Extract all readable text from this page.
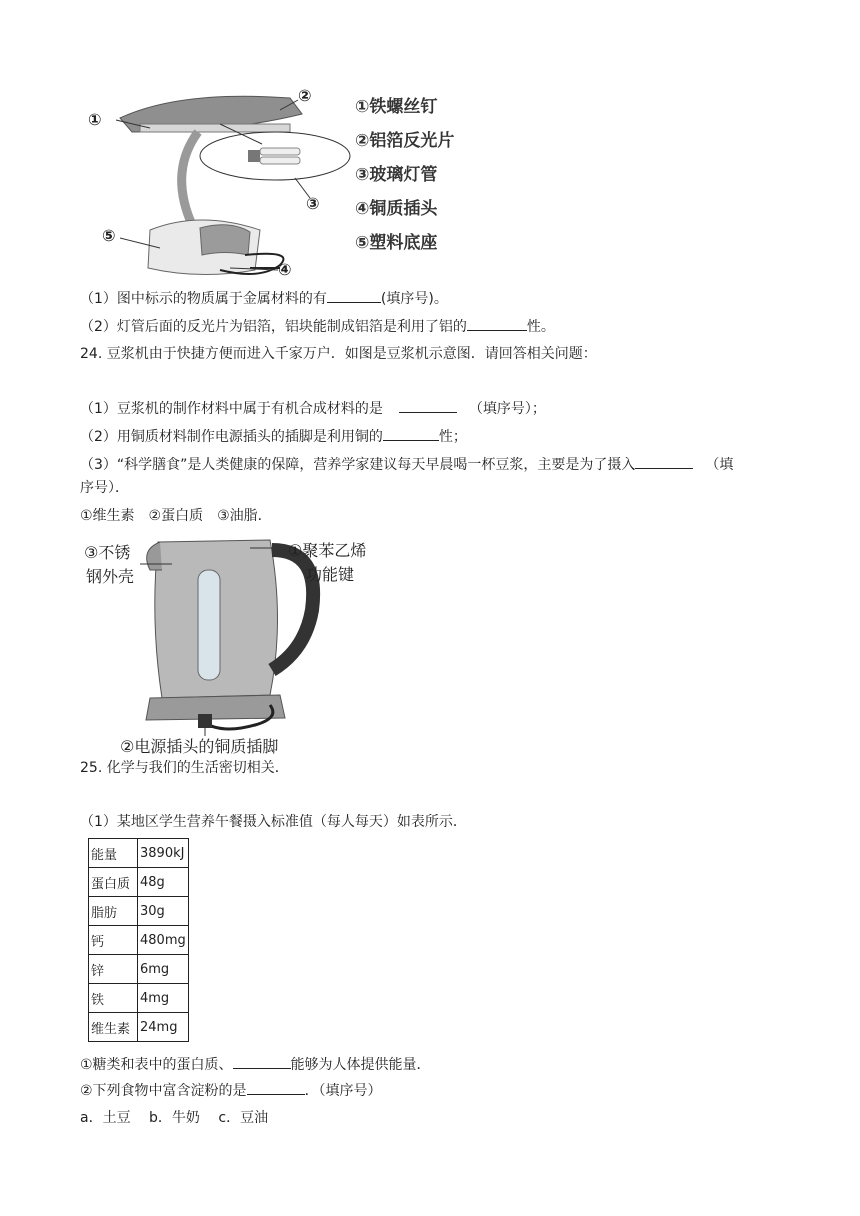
①
②
③
④
⑤
①铁螺丝钉
②铝箔反光片
③玻璃灯管
④铜质插头
⑤塑料底座
（1）图中标示的物质属于金属材料的有	(填序号)。
（2）灯管后面的反光片为铝箔，铝块能制成铝箔是利用了铝的	性。
24. 豆浆机由于快捷方便而进入千家万户．如图是豆浆机示意图．请回答相关问题：
（1）豆浆机的制作材料中属于有机合成材料的是	（填序号）；
（2）用铜质材料制作电源插头的插脚是利用铜的	性；
（3）“科学膳食”是人类健康的保障，营养学家建议每天早晨喝一杯豆浆，主要是为了摄入	（填
序号）．
①维生素　②蛋白质　③油脂．
③不锈
钢外壳
①聚苯乙烯
功能键
②电源插头的铜质插脚
25. 化学与我们的生活密切相关．
（1）某地区学生营养午餐摄入标准值（每人每天）如表所示．
能量	3890kJ
蛋白质	48g
脂肪	30g
钙	480mg
锌	6mg
铁	4mg
维生素	24mg
①糖类和表中的蛋白质、	能够为人体提供能量．
②下列食物中富含淀粉的是	．（填序号）
a．土豆　 b．牛奶　 c．豆油
